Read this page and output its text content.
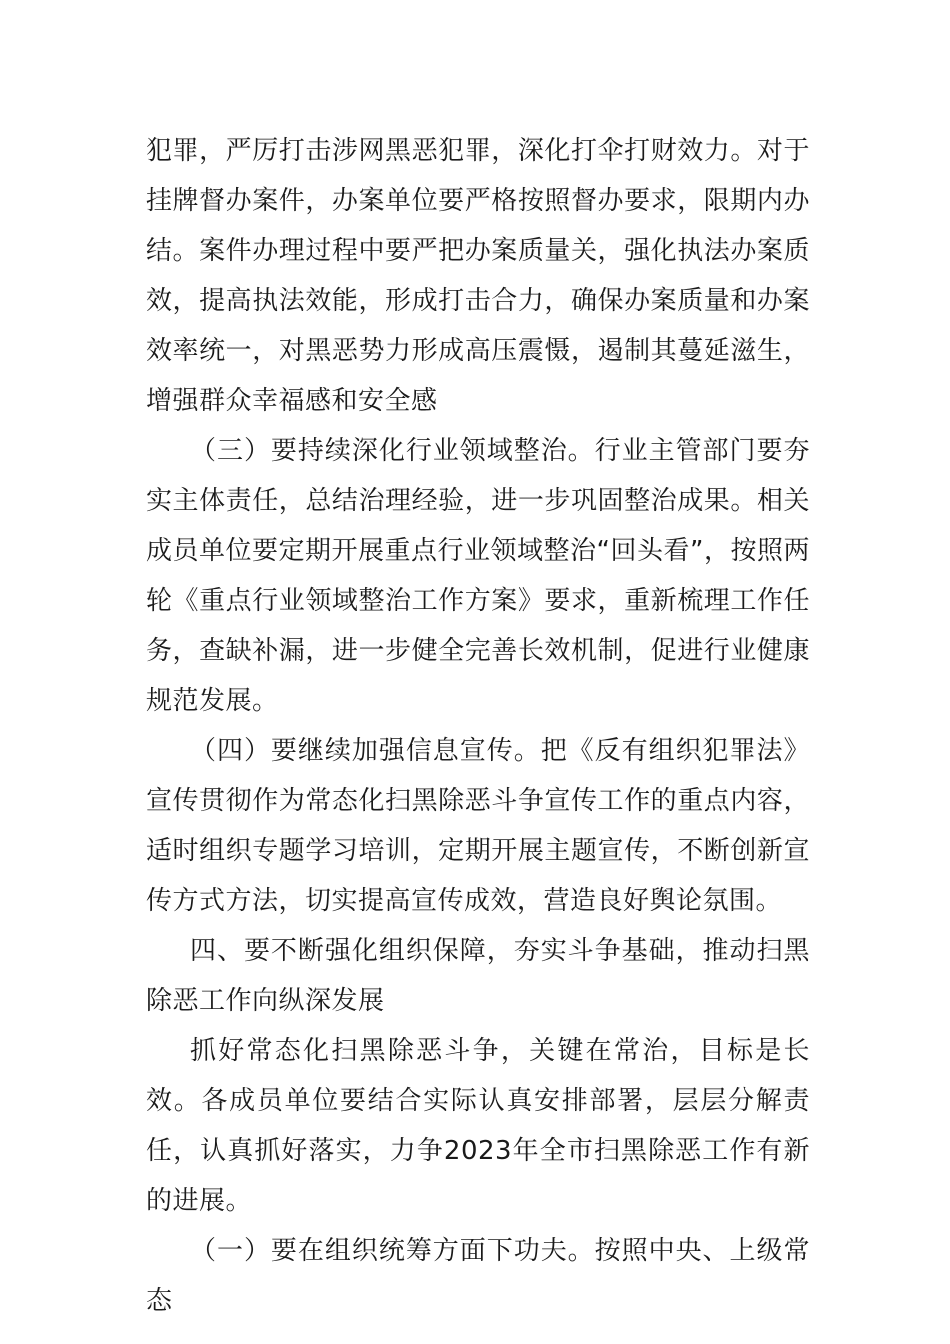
犯罪，严厉打击涉网黑恶犯罪，深化打伞打财效力。对于挂牌督办案件，办案单位要严格按照督办要求，限期内办结。案件办理过程中要严把办案质量关，强化执法办案质效，提高执法效能，形成打击合力，确保办案质量和办案效率统一，对黑恶势力形成高压震慑，遏制其蔓延滋生，增强群众幸福感和安全感

（三）要持续深化行业领域整治。行业主管部门要夯实主体责任，总结治理经验，进一步巩固整治成果。相关成员单位要定期开展重点行业领域整治“回头看”，按照两轮《重点行业领域整治工作方案》要求，重新梳理工作任务，查缺补漏，进一步健全完善长效机制，促进行业健康规范发展。

（四）要继续加强信息宣传。把《反有组织犯罪法》宣传贯彻作为常态化扫黑除恶斗争宣传工作的重点内容，适时组织专题学习培训，定期开展主题宣传，不断创新宣传方式方法，切实提高宣传成效，营造良好舆论氛围。

四、要不断强化组织保障，夯实斗争基础，推动扫黑除恶工作向纵深发展

抓好常态化扫黑除恶斗争，关键在常治，目标是长效。各成员单位要结合实际认真安排部署，层层分解责任，认真抓好落实，力争2023年全市扫黑除恶工作有新的进展。

（一）要在组织统筹方面下功夫。按照中央、上级常态
